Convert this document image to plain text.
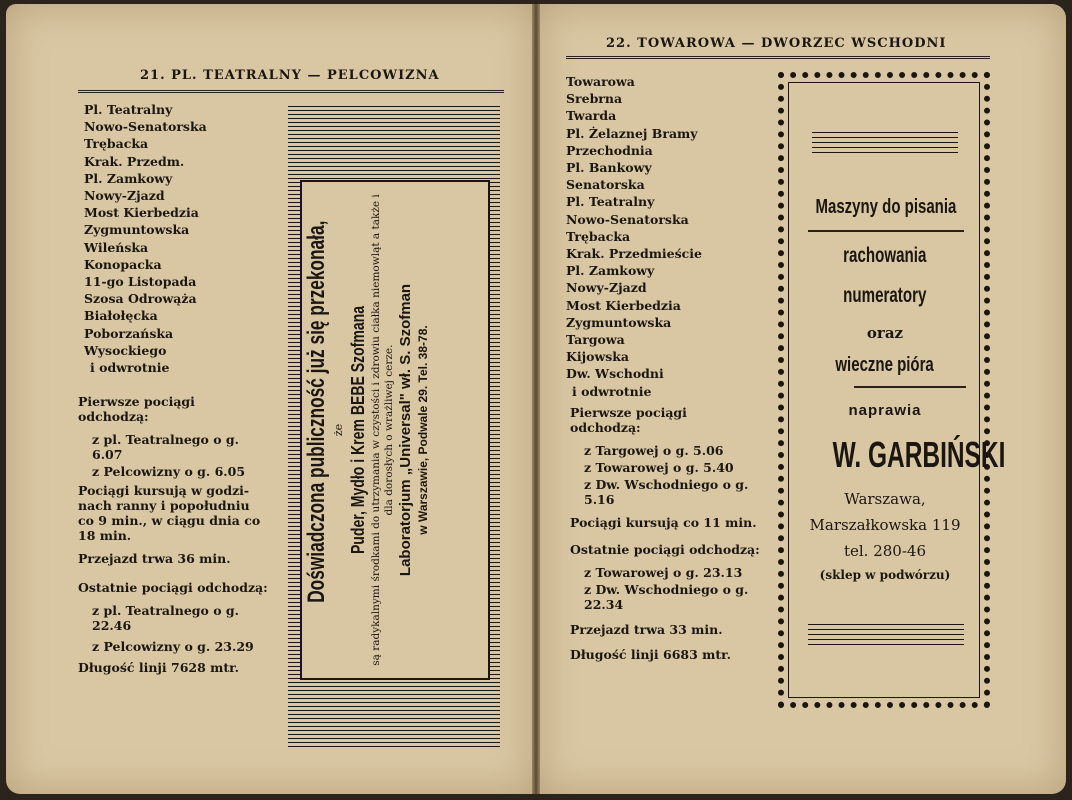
21. PL. TEATRALNY — PELCOWIZNA
Pl. Teatralny
Nowo-Senatorska
Trębacka
Krak. Przedm.
Pl. Zamkowy
Nowy-Zjazd
Most Kierbedzia
Zygmuntowska
Wileńska
Konopacka
11-go Listopada
Szosa Odrowąża
Białołęcka
Poborzańska
Wysockiego
i odwrotnie

Pierwsze pociągi odchodzą:

z pl. Teatralnego o g. 6.07

z Pelcowizny o g. 6.05

Pociągi kursują w godzi- nach ranny i popołudniu co 9 min., w ciągu dnia co 18 min.

Przejazd trwa 36 min.

Ostatnie pociągi odchodzą:

z pl. Teatralnego o g. 22.46

z Pelcowizny o g. 23.29

Długość linji 7628 mtr.

Doświadczona publiczność już się przekonała, że Puder, Mydło i Krem BEBE Szofmana są radykalnymi środkami do utrzymania w czystości i zdrowiu ciałka niemowląt a także i dla dorosłych o wrażliwej cerze. Laboratorjum „Universal" wł. S. Szofman w Warszawie, Podwale 29. Tel. 38-78.
22. TOWAROWA — DWORZEC WSCHODNI
Towarowa
Srebrna
Twarda
Pl. Żelaznej Bramy
Przechodnia
Pl. Bankowy
Senatorska
Pl. Teatralny
Nowo-Senatorska
Trębacka
Krak. Przedmieście
Pl. Zamkowy
Nowy-Zjazd
Most Kierbedzia
Zygmuntowska
Targowa
Kijowska
Dw. Wschodni
i odwrotnie

Pierwsze pociągi odchodzą:

z Targowej o g. 5.06

z Towarowej o g. 5.40

z Dw. Wschodniego o g. 5.16

Pociągi kursują co 11 min.

Ostatnie pociągi odchodzą:

z Towarowej o g. 23.13

z Dw. Wschodniego o g. 22.34

Przejazd trwa 33 min.

Długość linji 6683 mtr.

Maszyny do pisania
rachowania
numeratory
oraz
wieczne pióra
naprawia
W. GARBIŃSKI
Warszawa,
Marszałkowska 119
tel. 280-46
(sklep w podwórzu)
